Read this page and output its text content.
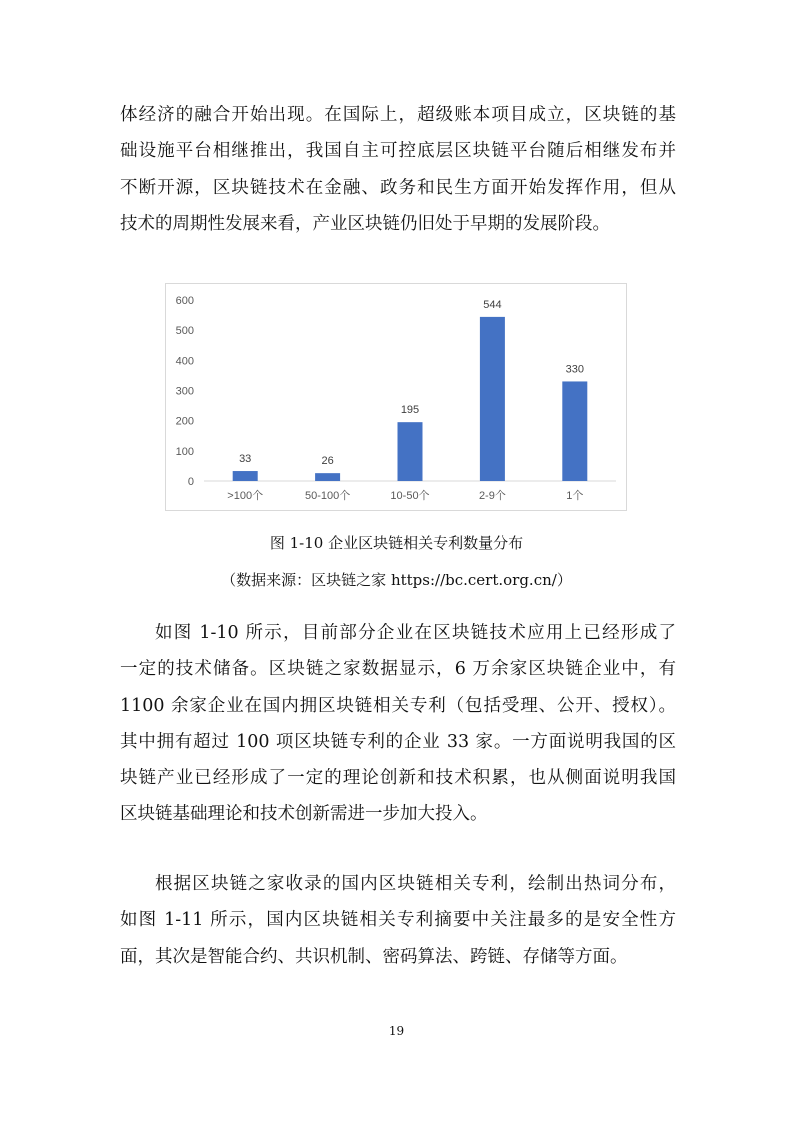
体经济的融合开始出现。在国际上，超级账本项目成立，区块链的基
础设施平台相继推出，我国自主可控底层区块链平台随后相继发布并
不断开源，区块链技术在金融、政务和民生方面开始发挥作用，但从
技术的周期性发展来看，产业区块链仍旧处于早期的发展阶段。
0
100
200
300
400
500
600
33
>100个
26
50-100个
195
10-50个
544
2-9个
330
1个
图 1-10 企业区块链相关专利数量分布
（数据来源：区块链之家 https://bc.cert.org.cn/）
如图 1-10 所示，目前部分企业在区块链技术应用上已经形成了
一定的技术储备。区块链之家数据显示，6 万余家区块链企业中，有
1100 余家企业在国内拥区块链相关专利（包括受理、公开、授权）。
其中拥有超过 100 项区块链专利的企业 33 家。一方面说明我国的区
块链产业已经形成了一定的理论创新和技术积累，也从侧面说明我国
区块链基础理论和技术创新需进一步加大投入。
根据区块链之家收录的国内区块链相关专利，绘制出热词分布，
如图 1-11 所示，国内区块链相关专利摘要中关注最多的是安全性方
面，其次是智能合约、共识机制、密码算法、跨链、存储等方面。
19
